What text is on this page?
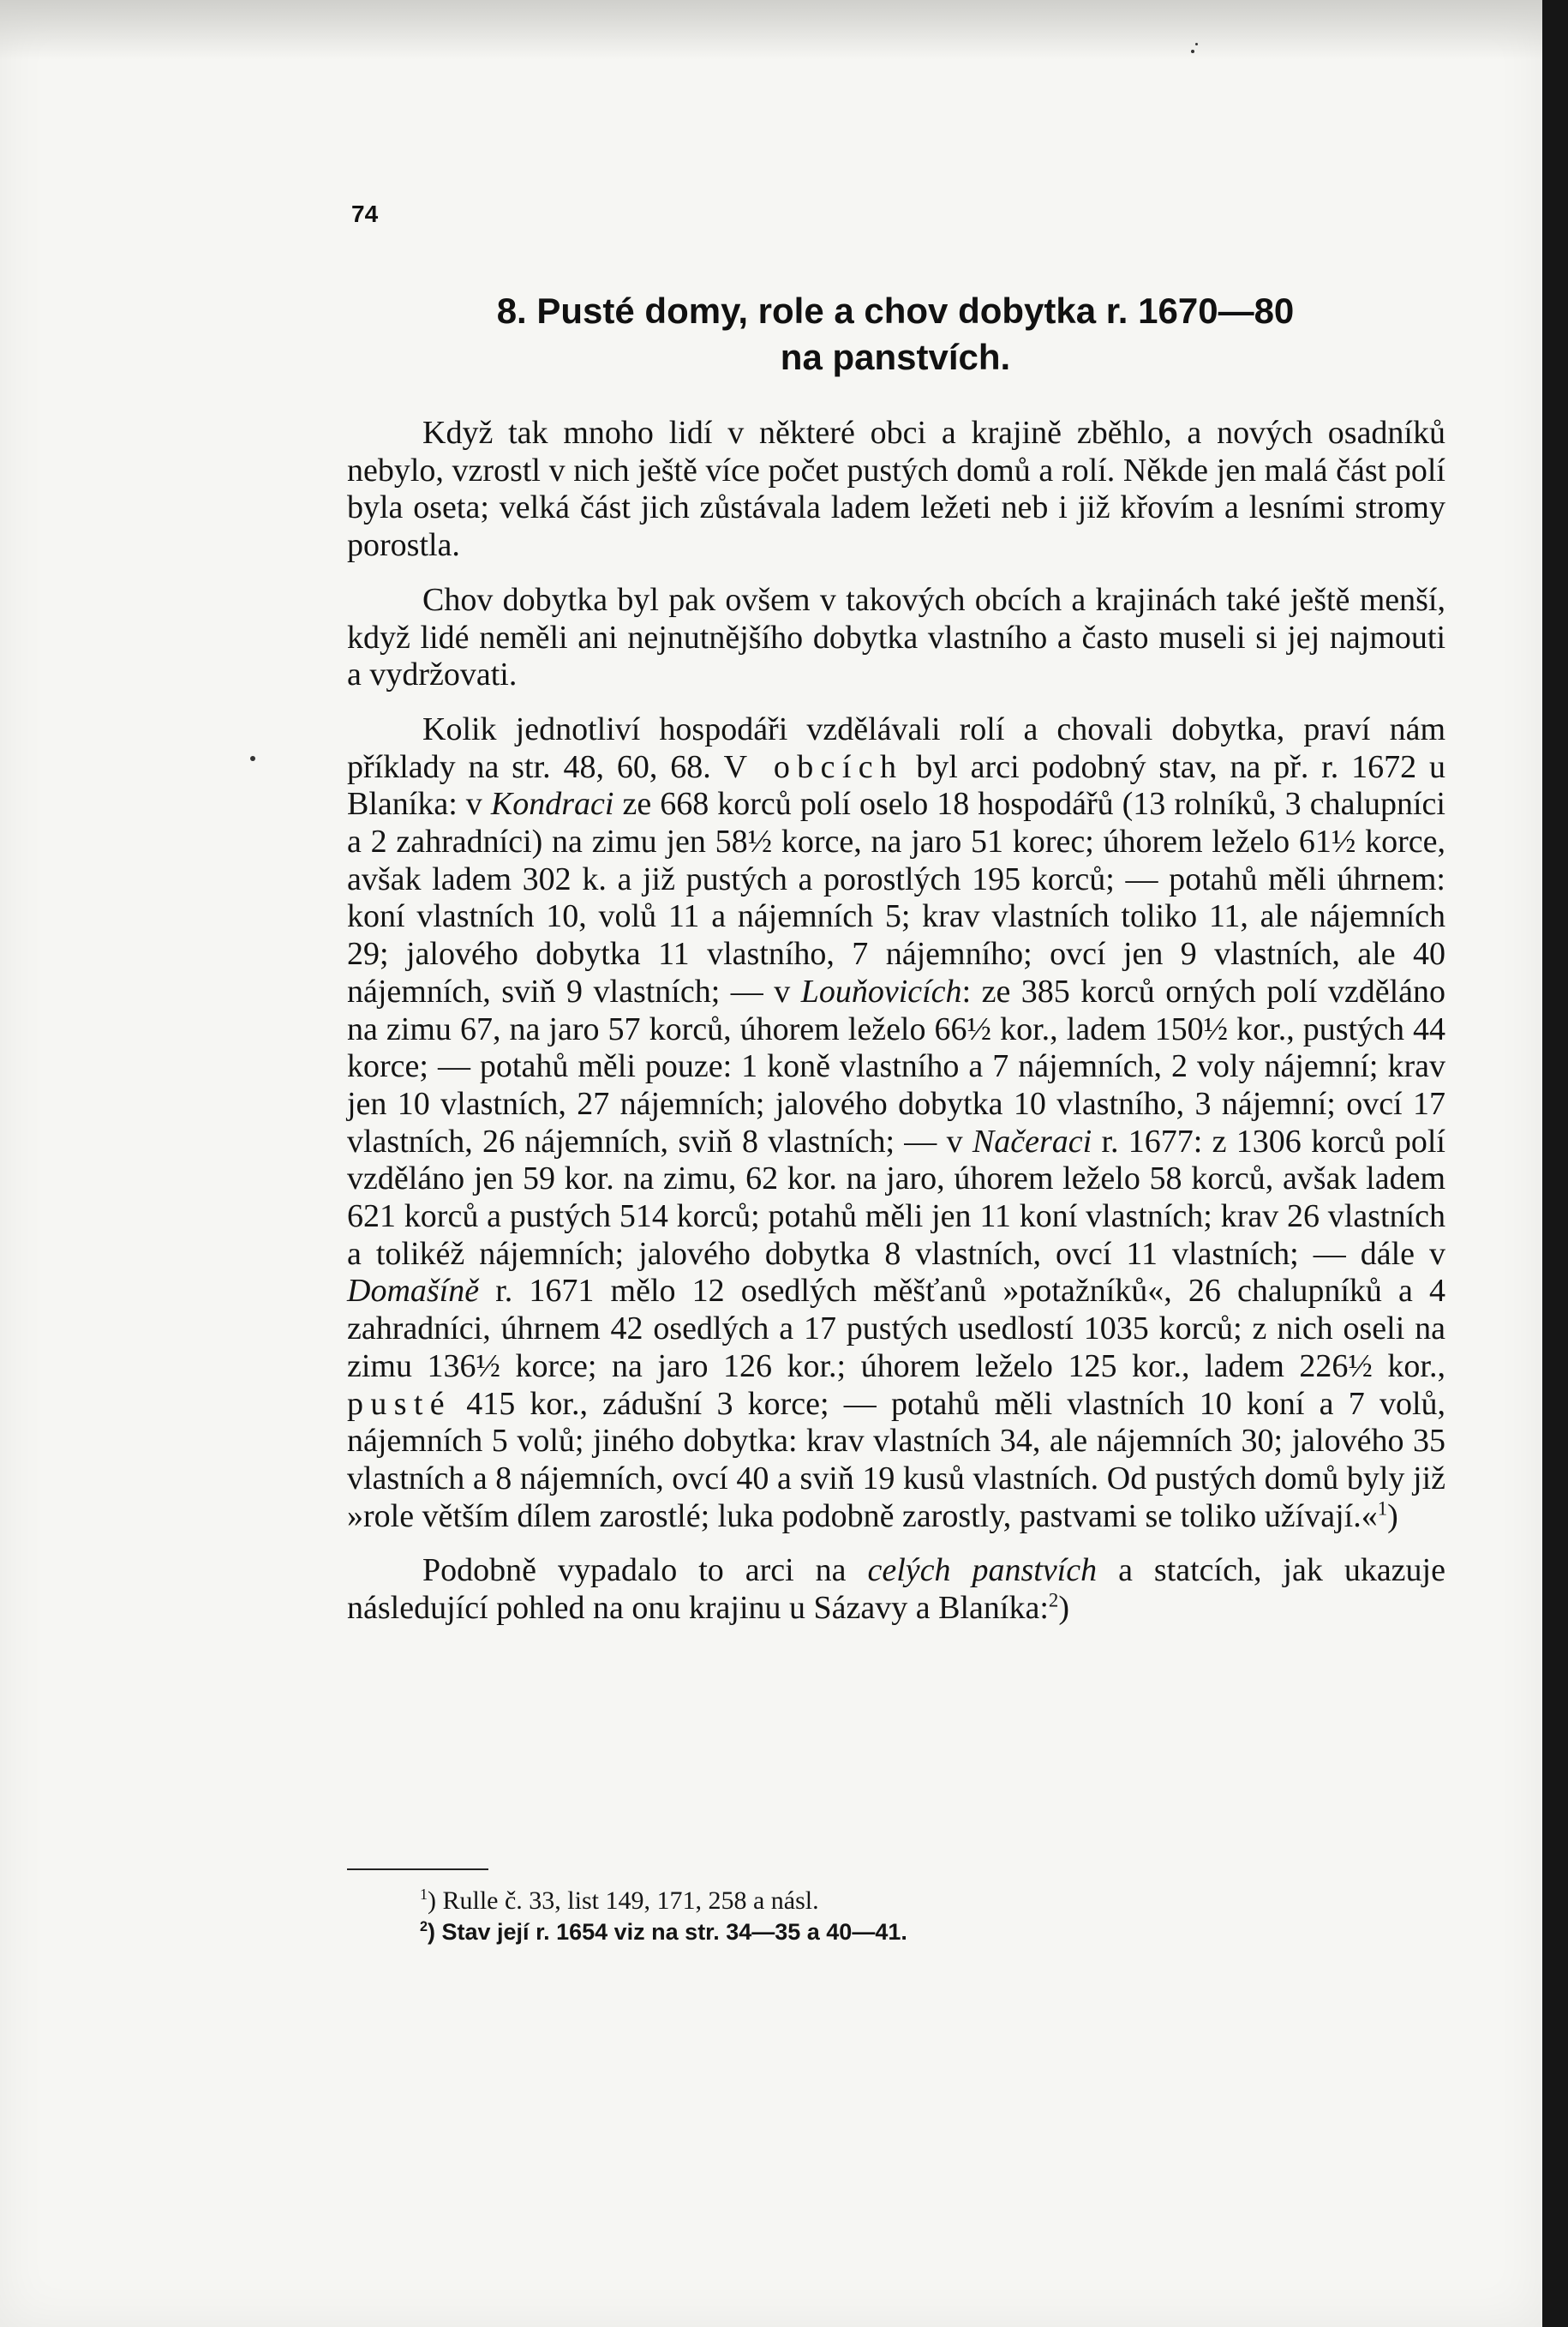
74
8. Pusté domy, role a chov dobytka r. 1670—80
na panstvích.

Když tak mnoho lidí v některé obci a krajině zběhlo, a nových osadníků nebylo, vzrostl v nich ještě více počet pustých domů a rolí. Někde jen malá část polí byla oseta; velká část jich zůstávala ladem ležeti neb i již křovím a lesními stromy porostla.

Chov dobytka byl pak ovšem v takových obcích a krajinách také ještě menší, když lidé neměli ani nejnutnějšího dobytka vlastního a často museli si jej najmouti a vydržovati.

Kolik jednotliví hospodáři vzdělávali rolí a chovali dobytka, praví nám příklady na str. 48, 60, 68. V obcích byl arci podobný stav, na př. r. 1672 u Blaníka: v Kondraci ze 668 korců polí oselo 18 hospodářů (13 rolníků, 3 chalupníci a 2 zahradníci) na zimu jen 58½ korce, na jaro 51 korec; úhorem leželo 61½ korce, avšak ladem 302 k. a již pustých a porostlých 195 korců; — potahů měli úhrnem: koní vlastních 10, volů 11 a nájemních 5; krav vlastních toliko 11, ale nájemních 29; jalového dobytka 11 vlastního, 7 nájemního; ovcí jen 9 vlastních, ale 40 nájemních, sviň 9 vlastních; — v Louňovicích: ze 385 korců orných polí vzděláno na zimu 67, na jaro 57 korců, úhorem leželo 66½ kor., ladem 150½ kor., pustých 44 korce; — potahů měli pouze: 1 koně vlastního a 7 nájemních, 2 voly nájemní; krav jen 10 vlastních, 27 nájemních; jalového dobytka 10 vlastního, 3 nájemní; ovcí 17 vlastních, 26 nájemních, sviň 8 vlastních; — v Načeraci r. 1677: z 1306 korců polí vzděláno jen 59 kor. na zimu, 62 kor. na jaro, úhorem leželo 58 korců, avšak ladem 621 korců a pustých 514 korců; potahů měli jen 11 koní vlastních; krav 26 vlastních a tolikéž nájemních; jalového dobytka 8 vlastních, ovcí 11 vlastních; — dále v Domašíně r. 1671 mělo 12 osedlých měšťanů »potažníků«, 26 chalupníků a 4 zahradníci, úhrnem 42 osedlých a 17 pustých usedlostí 1035 korců; z nich oseli na zimu 136½ korce; na jaro 126 kor.; úhorem leželo 125 kor., ladem 226½ kor., pusté 415 kor., zádušní 3 korce; — potahů měli vlastních 10 koní a 7 volů, nájemních 5 volů; jiného dobytka: krav vlastních 34, ale nájemních 30; jalového 35 vlastních a 8 nájemních, ovcí 40 a sviň 19 kusů vlastních. Od pustých domů byly již »role větším dílem zarostlé; luka podobně zarostly, pastvami se toliko užívají.«$^1$)

Podobně vypadalo to arci na celých panstvích a statcích, jak ukazuje následující pohled na onu krajinu u Sázavy a Blaníka:$^2$)

$^1$) Rulle č. 33, list 149, 171, 258 a násl.

$^2$) Stav její r. 1654 viz na str. 34—35 a 40—41.
